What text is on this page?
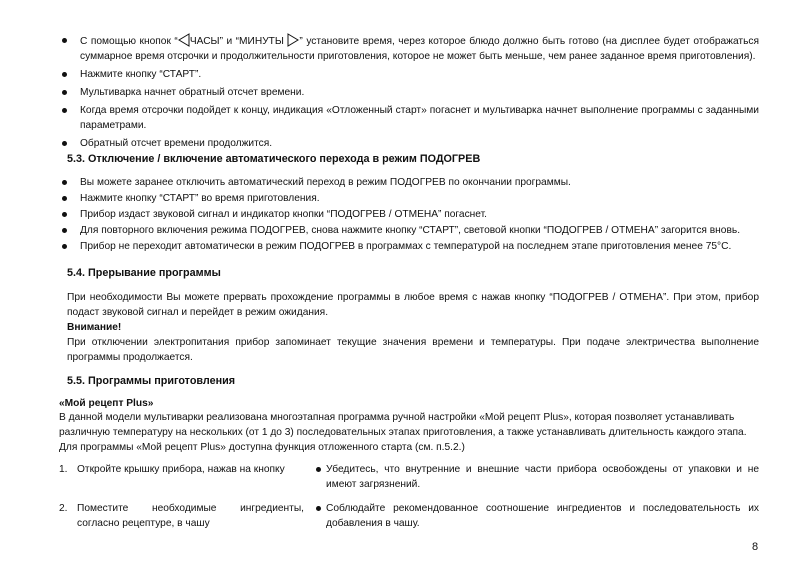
С помощью кнопок “ ЧАСЫ” и “МИНУТЫ ” установите время, через которое блюдо должно быть готово (на дисплее будет отображаться суммарное время отсрочки и продолжительности приготовления, которое не может быть меньше, чем ранее заданное время приготовления).
Нажмите кнопку “СТАРТ”.
Мультиварка начнет обратный отсчет времени.
Когда время отсрочки подойдет к концу, индикация «Отложенный старт» погаснет и мультиварка начнет выполнение программы с заданными параметрами.
Обратный отсчет времени продолжится.
5.3. Отключение / включение автоматического перехода в режим ПОДОГРЕВ
Вы можете заранее отключить автоматический переход в режим ПОДОГРЕВ по окончании программы.
Нажмите кнопку “СТАРТ” во время приготовления.
Прибор издаст звуковой сигнал и индикатор кнопки “ПОДОГРЕВ / ОТМЕНА” погаснет.
Для повторного включения режима ПОДОГРЕВ, снова нажмите кнопку “СТАРТ”, световой кнопки “ПОДОГРЕВ / ОТМЕНА” загорится вновь.
Прибор не переходит автоматически в режим ПОДОГРЕВ в программах с температурой на последнем этапе приготовления менее 75°С.
5.4. Прерывание программы
При необходимости Вы можете прервать прохождение программы в любое время с нажав кнопку “ПОДОГРЕВ / ОТМЕНА”. При этом, прибор подаст звуковой сигнал и перейдет в режим ожидания.
Внимание!
При отключении электропитания прибор запоминает текущие значения времени и температуры. При подаче электричества выполнение программы продолжается.
5.5. Программы приготовления
«Мой рецепт Plus»
В данной модели мультиварки реализована многоэтапная программа ручной настройки «Мой рецепт Plus», которая позволяет устанавливать различную температуру на нескольких (от 1 до 3) последовательных этапах приготовления, а также устанавливать длительность каждого этапа.
Для программы «Мой рецепт Plus» доступна функция отложенного старта (см. п.5.2.)
1. Откройте крышку прибора, нажав на кнопку	Убедитесь, что внутренние и внешние части прибора освобождены от упаковки и не имеют загрязнений.
2. Поместите необходимые ингредиенты, согласно рецептуре, в чашу
Соблюдайте рекомендованное соотношение ингредиентов и последовательность их добавления в чашу.
8
